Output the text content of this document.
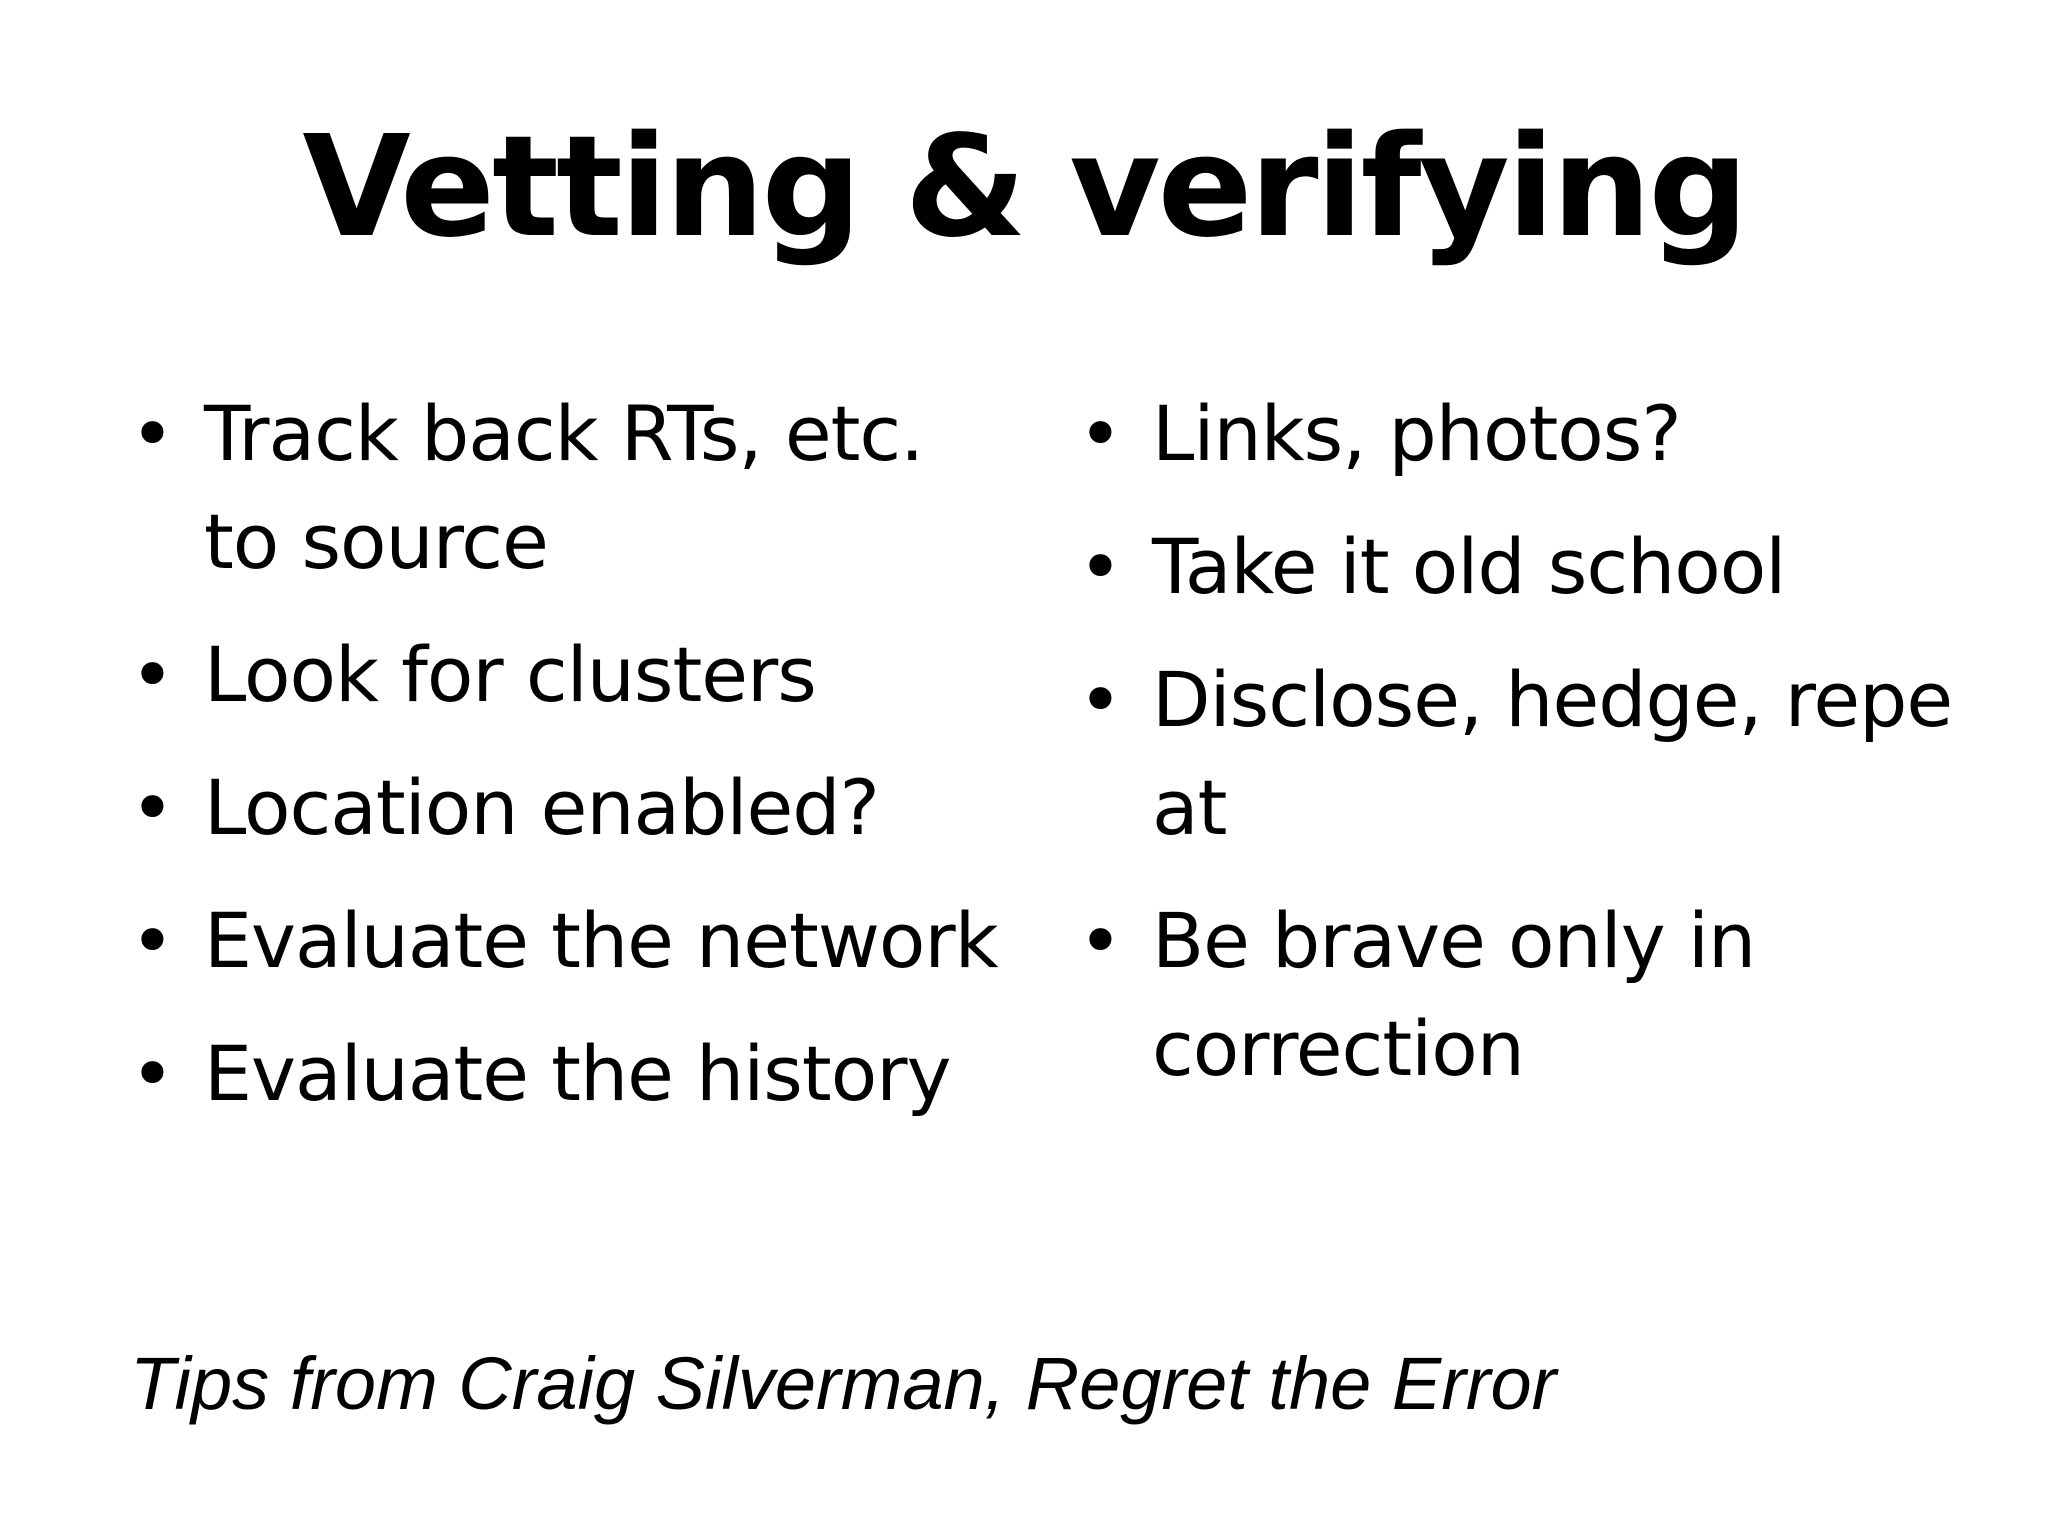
Vetting & verifying
• Track back RTs, etc. to source
• Look for clusters
• Location enabled?
• Evaluate the network
• Evaluate the history
• Links, photos?
• Take it old school
• Disclose, hedge, repe at
• Be brave only in correction

Tips from Craig Silverman, Regret the Error
